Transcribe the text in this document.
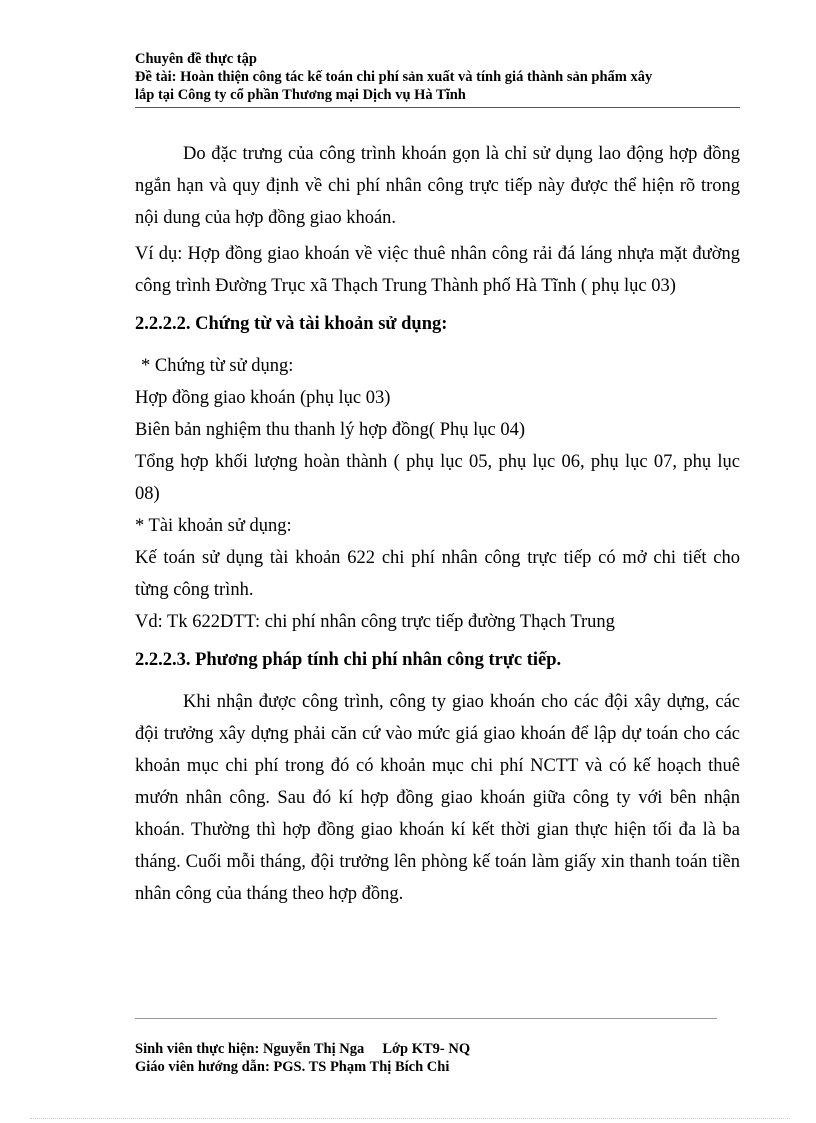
Chuyên đề thực tập
Đề tài: Hoàn thiện công tác kế toán chi phí sản xuất và tính giá thành sản phẩm xây
lắp tại Công ty cổ phần Thương mại Dịch vụ Hà Tĩnh

Do đặc trưng của công trình khoán gọn là chỉ sử dụng lao động hợp đồng ngắn hạn và quy định về chi phí nhân công trực tiếp này được thể hiện rõ trong nội dung của hợp đồng giao khoán.

Ví dụ: Hợp đồng giao khoán về việc thuê nhân công rải đá láng nhựa mặt đường công trình Đường Trục xã Thạch Trung Thành phố Hà Tĩnh ( phụ lục 03)

2.2.2.2. Chứng từ và tài khoản sử dụng:

* Chứng từ sử dụng:

Hợp đồng giao khoán (phụ lục 03)

Biên bản nghiệm thu thanh lý hợp đồng( Phụ lục 04)

Tổng hợp khối lượng hoàn thành ( phụ lục 05, phụ lục 06, phụ lục 07, phụ lục 08)

* Tài khoản sử dụng:

Kế toán sử dụng tài khoản 622 chi phí nhân công trực tiếp có mở chi tiết cho từng công trình.

Vd: Tk 622DTT: chi phí nhân công trực tiếp đường Thạch Trung

2.2.2.3. Phương pháp tính chi phí nhân công trực tiếp.

Khi nhận được công trình, công ty giao khoán cho các đội xây dựng, các đội trưởng xây dựng phải căn cứ vào mức giá giao khoán để lập dự toán cho các khoản mục chi phí trong đó có khoản mục chi phí NCTT và có kế hoạch thuê mướn nhân công. Sau đó kí hợp đồng giao khoán giữa công ty với bên nhận khoán. Thường thì hợp đồng giao khoán kí kết thời gian thực hiện tối đa là ba tháng. Cuối mỗi tháng, đội trưởng lên phòng kế toán làm giấy xin thanh toán tiền nhân công của tháng theo hợp đồng.

Sinh viên thực hiện: Nguyễn Thị Nga     Lớp KT9- NQ
Giáo viên hướng dẫn: PGS. TS Phạm Thị Bích Chi
